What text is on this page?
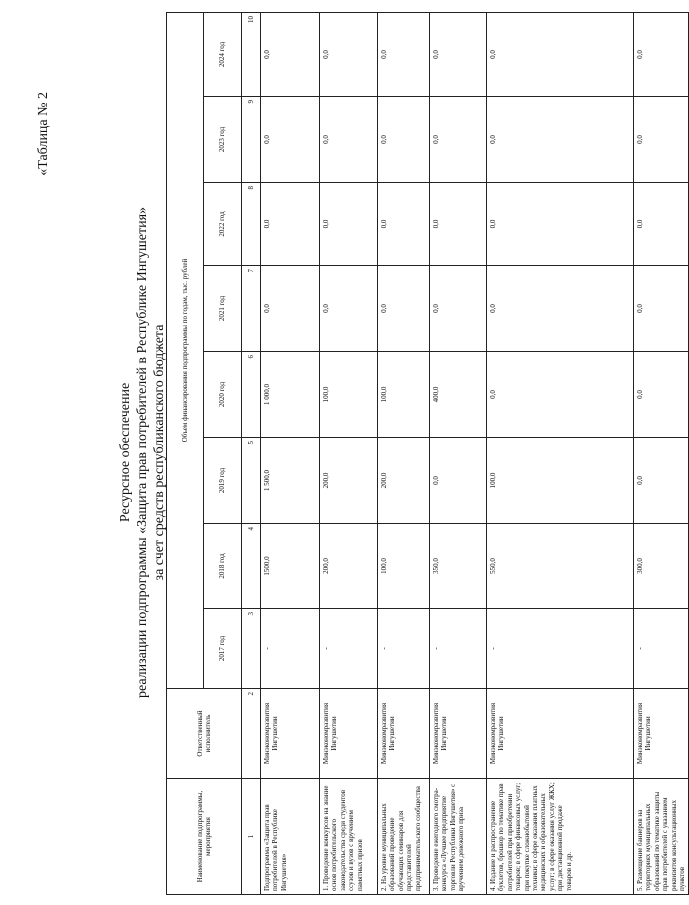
«Таблица № 2
Ресурсное обеспечение реализации подпрограммы «Защита прав потребителей в Республике Ингушетия» за счет средств республиканского бюджета
Наименование подпрограммы, мероприятия	Ответственный исполнитель	Объем финансирования подпрограммы по годам, тыс. рублей							
		2017 год	2018 год	2019 год	2020 год	2021 год	2022 год	2023 год	2024 год
1	2	3	4	5	6	7	8	9	10
Подпрограмма «Защита прав потребителей в Республике Ингушетия»	Минэкономразвития Ингушетии	-	1500,0	1 500,0	1 000,0	0,0	0,0	0,0	0,0
1. Проведение конкурсов на знание основ потребительского законодательства среди студентов ссузов и вузов с вручением памятных призов	Минэкономразвития Ингушетии	-	200,0	200,0	100,0	0,0	0,0	0,0	0,0
2. На уровне муниципальных образований проведение обучающих семинаров для представителей предпринимательского сообщества	Минэкономразвития Ингушетии	-	100,0	200,0	100,0	0,0	0,0	0,0	0,0
3. Проведение ежегодного смотра-конкурса «Лучшее предприятие торговли Республики Ингушетия» с вручением денежного приза	Минэкономразвития Ингушетии	-	350,0	0,0	400,0	0,0	0,0	0,0	0,0
4. Издание и распространение буклетов, брошюр по тематике прав потребителей при приобретении товаров; в сфере финансовых услуг; при покупке сложнобытовой техники; в сфере оказания платных медицинских и образовательных услуг; в сфере оказания услуг ЖКХ; при дистанционной продаже товаров и др.	Минэкономразвития Ингушетии	-	550,0	100,0	0,0	0,0	0,0	0,0	0,0
5. Размещение баннеров на территориях муниципальных образований по тематике защиты прав потребителей с указанием реквизитов консультационных пунктов	Минэкономразвития Ингушетии	-	300,0	0,0	0,0	0,0	0,0	0,0	0,0
